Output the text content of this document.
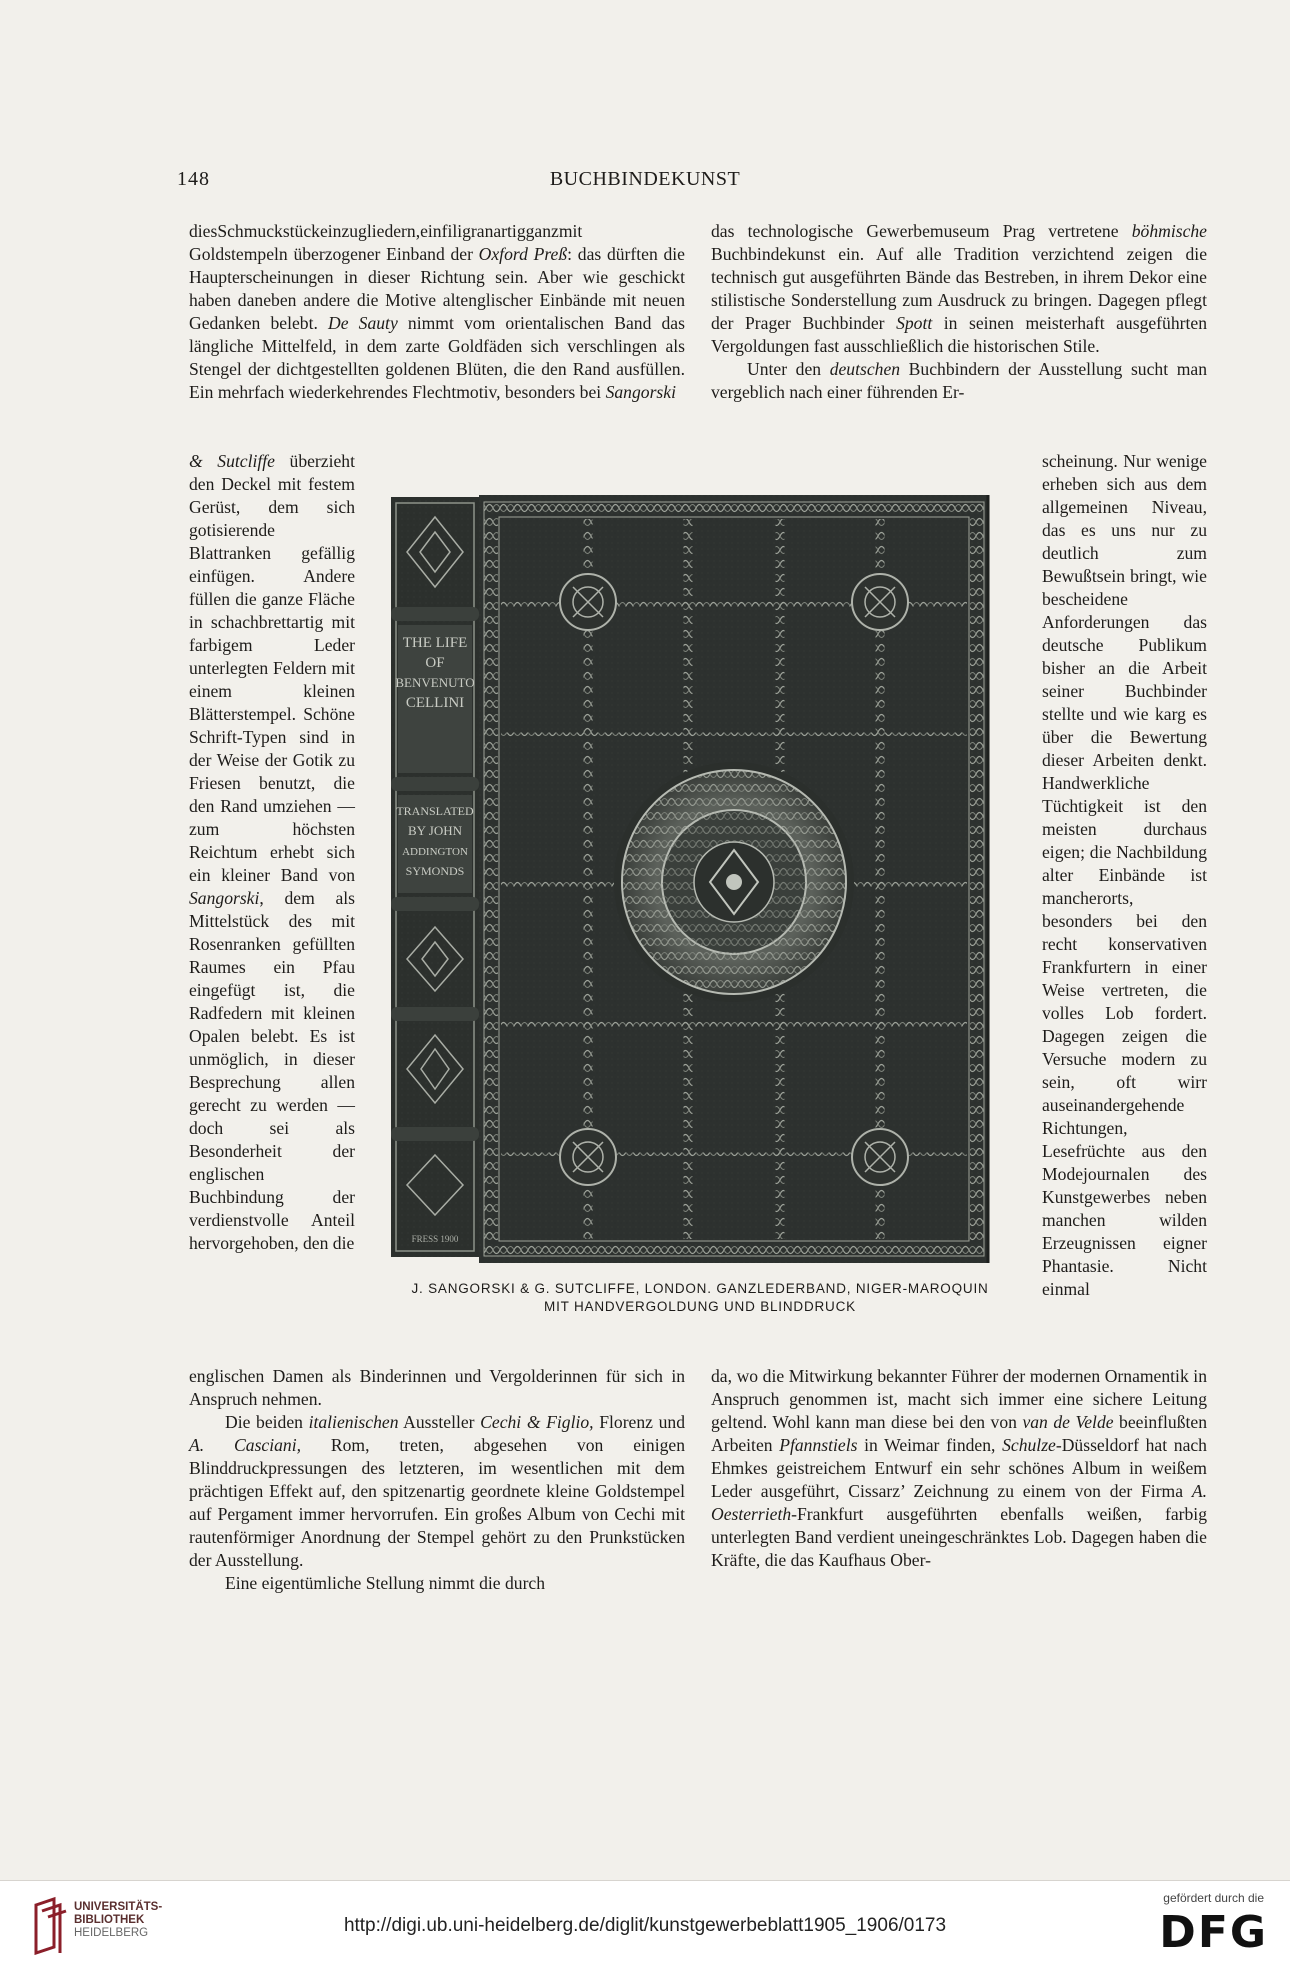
148	BUCHBINDEKUNST

diesSchmuckstückeinzugliedern,einfiligranartigganzmit Goldstempeln überzogener Einband der Oxford Preß: das dürften die Haupterscheinungen in dieser Richtung sein. Aber wie geschickt haben daneben andere die Motive altenglischer Einbände mit neuen Gedanken belebt. De Sauty nimmt vom orientalischen Band das längliche Mittelfeld, in dem zarte Goldfäden sich verschlingen als Stengel der dichtgestellten goldenen Blüten, die den Rand ausfüllen. Ein mehrfach wiederkehrendes Flechtmotiv, besonders bei Sangorski

& Sutcliffe überzieht den Deckel mit festem Gerüst, dem sich gotisierende Blattranken gefällig einfügen. Andere füllen die ganze Fläche in schachbrettartig mit farbigem Leder unterlegten Feldern mit einem kleinen Blätterstempel. Schöne Schrift-Typen sind in der Weise der Gotik zu Friesen benutzt, die den Rand umziehen — zum höchsten Reichtum erhebt sich ein kleiner Band von Sangorski, dem als Mittelstück des mit Rosenranken gefüllten Raumes ein Pfau eingefügt ist, die Radfedern mit kleinen Opalen belebt. Es ist unmöglich, in dieser Besprechung allen gerecht zu werden — doch sei als Besonderheit der englischen Buchbindung der verdienstvolle Anteil hervorgehoben, den die

englischen Damen als Binderinnen und Vergolderinnen für sich in Anspruch nehmen.

Die beiden italienischen Aussteller Cechi & Figlio, Florenz und A. Casciani, Rom, treten, abgesehen von einigen Blinddruckpressungen des letzteren, im wesentlichen mit dem prächtigen Effekt auf, den spitzenartig geordnete kleine Goldstempel auf Pergament immer hervorrufen. Ein großes Album von Cechi mit rautenförmiger Anordnung der Stempel gehört zu den Prunkstücken der Ausstellung.

Eine eigentümliche Stellung nimmt die durch

das technologische Gewerbemuseum Prag vertretene böhmische Buchbindekunst ein. Auf alle Tradition verzichtend zeigen die technisch gut ausgeführten Bände das Bestreben, in ihrem Dekor eine stilistische Sonderstellung zum Ausdruck zu bringen. Dagegen pflegt der Prager Buchbinder Spott in seinen meisterhaft ausgeführten Vergoldungen fast ausschließlich die historischen Stile.

Unter den deutschen Buchbindern der Ausstellung sucht man vergeblich nach einer führenden Er-

scheinung. Nur wenige erheben sich aus dem allgemeinen Niveau, das es uns nur zu deutlich zum Bewußtsein bringt, wie bescheidene Anforderungen das deutsche Publikum bisher an die Arbeit seiner Buchbinder stellte und wie karg es über die Bewertung dieser Arbeiten denkt. Handwerkliche Tüchtigkeit ist den meisten durchaus eigen; die Nachbildung alter Einbände ist mancherorts, besonders bei den recht konservativen Frankfurtern in einer Weise vertreten, die volles Lob fordert. Dagegen zeigen die Versuche modern zu sein, oft wirr auseinandergehende Richtungen, Lesefrüchte aus den Modejournalen des Kunstgewerbes neben manchen wilden Erzeugnissen eigner Phantasie. Nicht einmal

da, wo die Mitwirkung bekannter Führer der modernen Ornamentik in Anspruch genommen ist, macht sich immer eine sichere Leitung geltend. Wohl kann man diese bei den von van de Velde beeinflußten Arbeiten Pfannstiels in Weimar finden, Schulze-Düsseldorf hat nach Ehmkes geistreichem Entwurf ein sehr schönes Album in weißem Leder ausgeführt, Cissarz’ Zeichnung zu einem von der Firma A. Oesterrieth-Frankfurt ausgeführten ebenfalls weißen, farbig unterlegten Band verdient uneingeschränktes Lob. Dagegen haben die Kräfte, die das Kaufhaus Ober-

THE LIFE
OF
BENVENUTO
CELLINI
TRANSLATED
BY JOHN
ADDINGTON
SYMONDS
FRESS 1900
J. SANGORSKI & G. SUTCLIFFE, LONDON. GANZLEDERBAND, NIGER-MAROQUIN
MIT HANDVERGOLDUNG UND BLINDDRUCK
UNIVERSITÄTS-
BIBLIOTHEK
HEIDELBERG	http://digi.ub.uni-heidelberg.de/diglit/kunstgewerbeblatt1905_1906/0173
gefördert durch die
DFG
